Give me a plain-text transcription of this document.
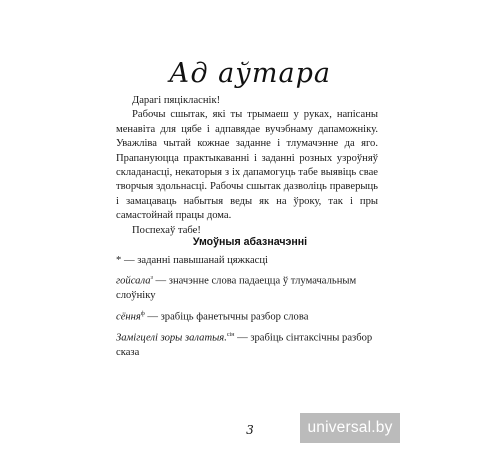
Ад аўтара

Дарагі пяцікласнік!

Рабочы сшытак, які ты трымаеш у руках, напісаны менавіта для цябе і адпавядае вучэбнаму дапаможніку. Уважліва чытай кожнае заданне і тлумачэнне да яго. Прапануюцца практыкаванні і заданні розных узроўняў складанасці, некаторыя з іх дапамогуць табе выявіць свае творчыя здольнасці. Рабочы сшытак дазволіць праверыць і замацаваць набытыя веды як на ўроку, так і пры самастойнай працы дома.

Поспехаў табе!

Умоўныя абазначэнні
* — заданні павышанай цяжкасці
гойсала$^з$ — значэнне слова падаецца ў тлумачальным слоўніку
сёння$^ф$ — зрабіць фанетычны разбор слова
Замігцелі зоры залатыя.$^{сін}$ — зрабіць сінтаксічны разбор сказа
3	universal.by
